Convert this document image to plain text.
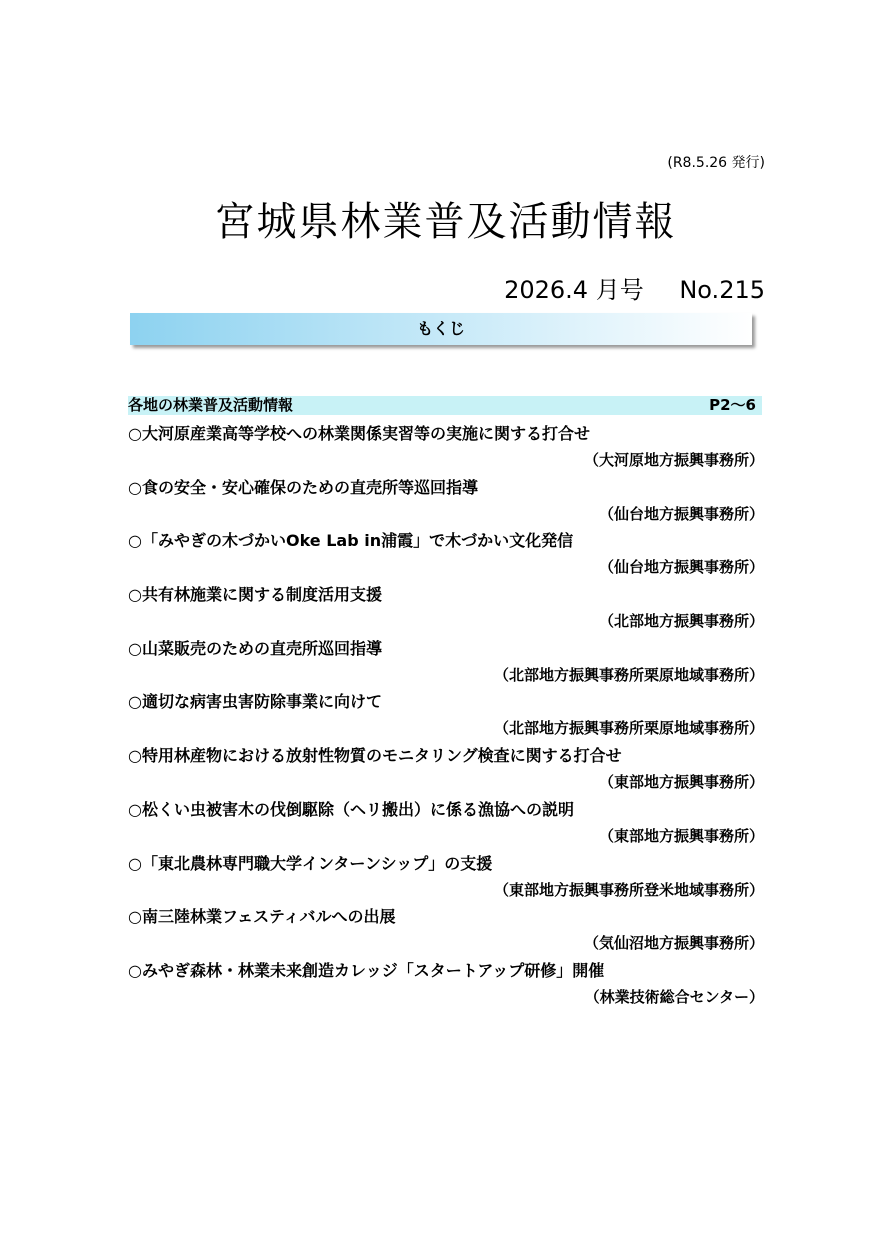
(R8.5.26 発行)
宮城県林業普及活動情報
2026.4 月号 No.215
もくじ
各地の林業普及活動情報	P2～6
○大河原産業高等学校への林業関係実習等の実施に関する打合せ
（大河原地方振興事務所）
○食の安全・安心確保のための直売所等巡回指導
（仙台地方振興事務所）
○「みやぎの木づかいOke Lab in浦霞」で木づかい文化発信
（仙台地方振興事務所）
○共有林施業に関する制度活用支援
（北部地方振興事務所）
○山菜販売のための直売所巡回指導
（北部地方振興事務所栗原地域事務所）
○適切な病害虫害防除事業に向けて
（北部地方振興事務所栗原地域事務所）
○特用林産物における放射性物質のモニタリング検査に関する打合せ
（東部地方振興事務所）
○松くい虫被害木の伐倒駆除（ヘリ搬出）に係る漁協への説明
（東部地方振興事務所）
○「東北農林専門職大学インターンシップ」の支援
（東部地方振興事務所登米地域事務所）
○南三陸林業フェスティバルへの出展
（気仙沼地方振興事務所）
○みやぎ森林・林業未来創造カレッジ「スタートアップ研修」開催
（林業技術総合センター）
